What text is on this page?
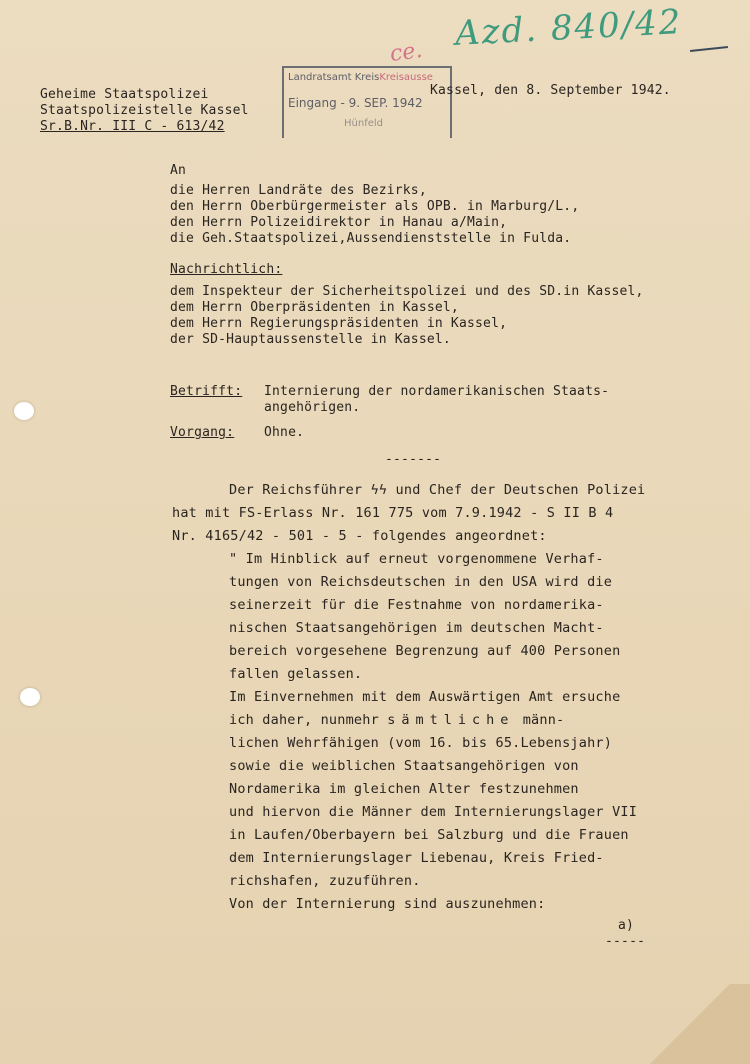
Azd. 840/42
ce.
Landratsamt KreisKreisausse
Eingang - 9. SEP. 1942
Hünfeld
Geheime Staatspolizei
Staatspolizeistelle Kassel
Sr.B.Nr. III C - 613/42
Kassel, den 8. September 1942.
An
die Herren Landräte des Bezirks,
den Herrn Oberbürgermeister als OPB. in Marburg/L.,
den Herrn Polizeidirektor in Hanau a/Main,
die Geh.Staatspolizei,Aussendienststelle in Fulda.
Nachrichtlich:
dem Inspekteur der Sicherheitspolizei und des SD.in Kassel,
dem Herrn Oberpräsidenten in Kassel,
dem Herrn Regierungspräsidenten in Kassel,
der SD-Hauptaussenstelle in Kassel.
Betrifft: Internierung der nordamerikanischen Staats-
angehörigen.
Vorgang: Ohne.
-------
Der Reichsführer ϟϟ und Chef der Deutschen Polizei
hat mit FS-Erlass Nr. 161 775 vom 7.9.1942 - S II B 4
Nr. 4165/42 - 501 - 5 - folgendes angeordnet:
" Im Hinblick auf erneut vorgenommene Verhaf-
tungen von Reichsdeutschen in den USA wird die
seinerzeit für die Festnahme von nordamerika-
nischen Staatsangehörigen im deutschen Macht-
bereich vorgesehene Begrenzung auf 400 Personen
fallen gelassen.
Im Einvernehmen mit dem Auswärtigen Amt ersuche
ich daher, nunmehr sämtliche männ-
lichen Wehrfähigen (vom 16. bis 65.Lebensjahr)
sowie die weiblichen Staatsangehörigen von
Nordamerika im gleichen Alter festzunehmen
und hiervon die Männer dem Internierungslager VII
in Laufen/Oberbayern bei Salzburg und die Frauen
dem Internierungslager Liebenau, Kreis Fried-
richshafen, zuzuführen.
Von der Internierung sind auszunehmen:
a)
-----
